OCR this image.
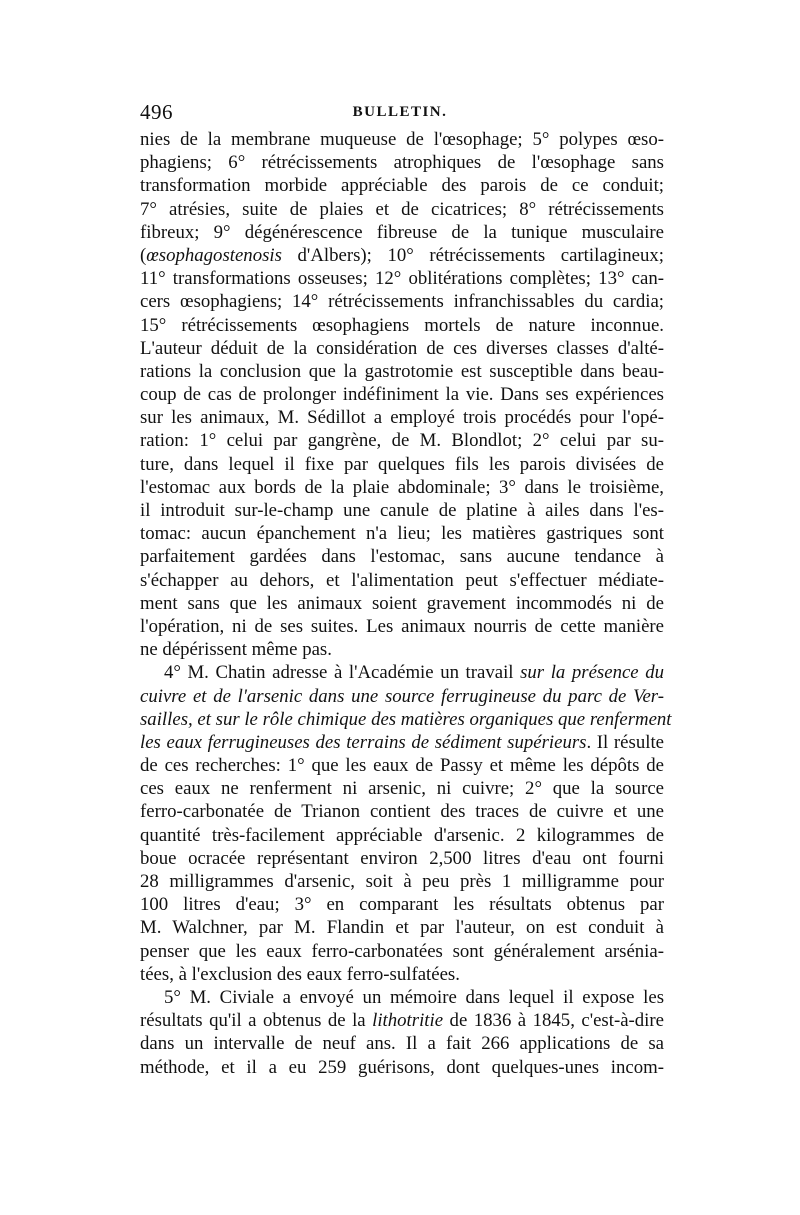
496	BULLETIN.
nies de la membrane muqueuse de l'œsophage; 5° polypes œso-
phagiens; 6° rétrécissements atrophiques de l'œsophage sans
transformation morbide appréciable des parois de ce conduit;
7° atrésies, suite de plaies et de cicatrices; 8° rétrécissements
fibreux; 9° dégénérescence fibreuse de la tunique musculaire
(œsophagostenosis d'Albers); 10° rétrécissements cartilagineux;
11° transformations osseuses; 12° oblitérations complètes; 13° can-
cers œsophagiens; 14° rétrécissements infranchissables du cardia;
15° rétrécissements œsophagiens mortels de nature inconnue.
L'auteur déduit de la considération de ces diverses classes d'alté-
rations la conclusion que la gastrotomie est susceptible dans beau-
coup de cas de prolonger indéfiniment la vie. Dans ses expériences
sur les animaux, M. Sédillot a employé trois procédés pour l'opé-
ration: 1° celui par gangrène, de M. Blondlot; 2° celui par su-
ture, dans lequel il fixe par quelques fils les parois divisées de
l'estomac aux bords de la plaie abdominale; 3° dans le troisième,
il introduit sur-le-champ une canule de platine à ailes dans l'es-
tomac: aucun épanchement n'a lieu; les matières gastriques sont
parfaitement gardées dans l'estomac, sans aucune tendance à
s'échapper au dehors, et l'alimentation peut s'effectuer médiate-
ment sans que les animaux soient gravement incommodés ni de
l'opération, ni de ses suites. Les animaux nourris de cette manière
ne dépérissent même pas.
4° M. Chatin adresse à l'Académie un travail sur la présence du
cuivre et de l'arsenic dans une source ferrugineuse du parc de Ver-
sailles, et sur le rôle chimique des matières organiques que renferment
les eaux ferrugineuses des terrains de sédiment supérieurs. Il résulte
de ces recherches: 1° que les eaux de Passy et même les dépôts de
ces eaux ne renferment ni arsenic, ni cuivre; 2° que la source
ferro-carbonatée de Trianon contient des traces de cuivre et une
quantité très-facilement appréciable d'arsenic. 2 kilogrammes de
boue ocracée représentant environ 2,500 litres d'eau ont fourni
28 milligrammes d'arsenic, soit à peu près 1 milligramme pour
100 litres d'eau; 3° en comparant les résultats obtenus par
M. Walchner, par M. Flandin et par l'auteur, on est conduit à
penser que les eaux ferro-carbonatées sont généralement arsénia-
tées, à l'exclusion des eaux ferro-sulfatées.
5° M. Civiale a envoyé un mémoire dans lequel il expose les
résultats qu'il a obtenus de la lithotritie de 1836 à 1845, c'est-à-dire
dans un intervalle de neuf ans. Il a fait 266 applications de sa
méthode, et il a eu 259 guérisons, dont quelques-unes incom-
